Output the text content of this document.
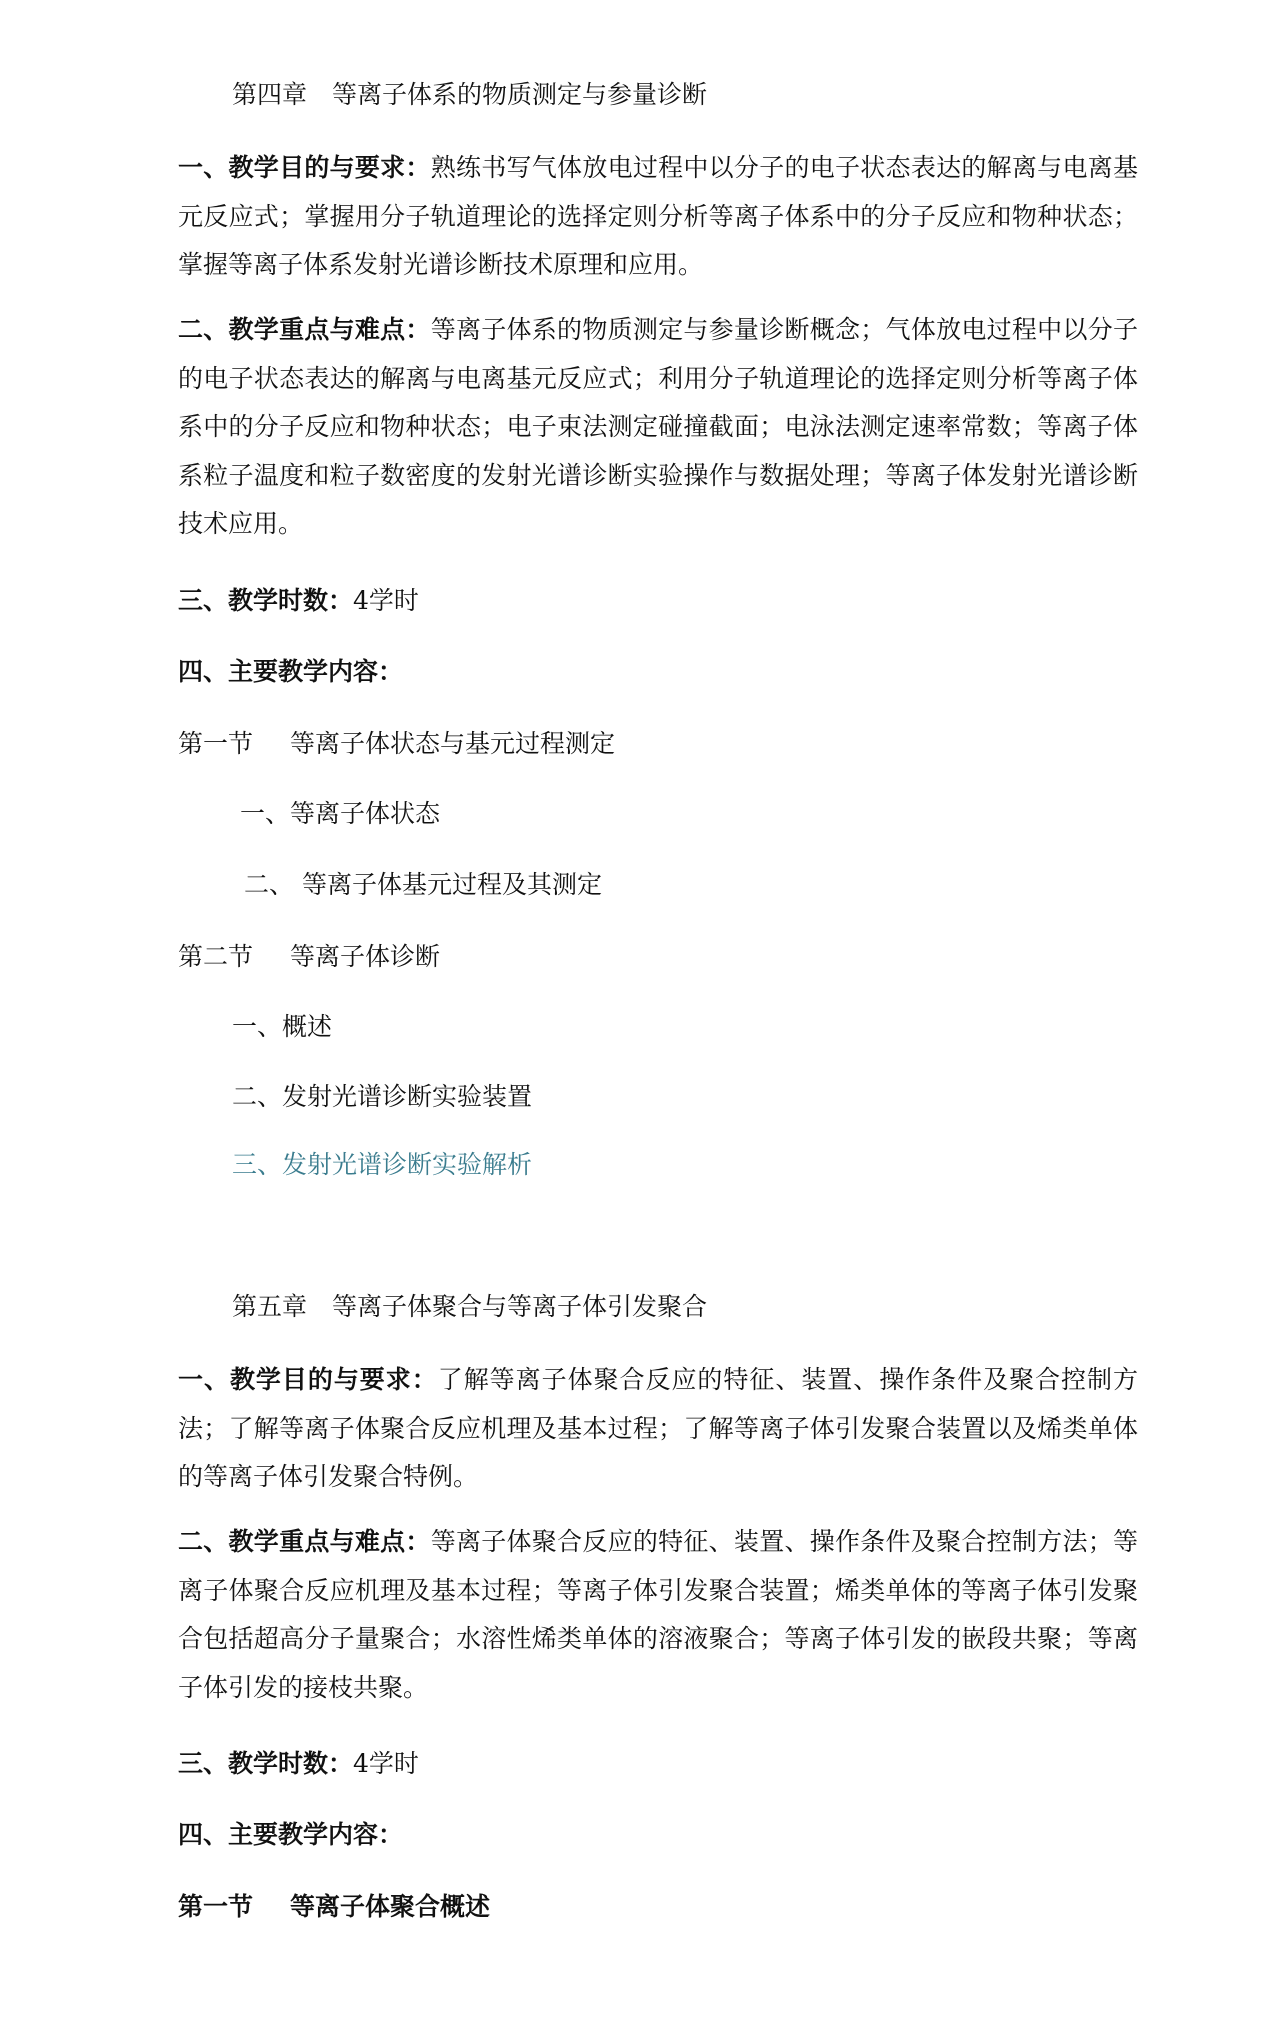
第四章　等离子体系的物质测定与参量诊断

一、教学目的与要求：熟练书写气体放电过程中以分子的电子状态表达的解离与电离基元反应式；掌握用分子轨道理论的选择定则分析等离子体系中的分子反应和物种状态；掌握等离子体系发射光谱诊断技术原理和应用。

二、教学重点与难点：等离子体系的物质测定与参量诊断概念；气体放电过程中以分子的电子状态表达的解离与电离基元反应式；利用分子轨道理论的选择定则分析等离子体系中的分子反应和物种状态；电子束法测定碰撞截面；电泳法测定速率常数；等离子体系粒子温度和粒子数密度的发射光谱诊断实验操作与数据处理；等离子体发射光谱诊断技术应用。

三、教学时数：4学时
四、主要教学内容：
第一节 等离子体状态与基元过程测定
一、等离子体状态
二、 等离子体基元过程及其测定
第二节 等离子体诊断
一、概述
二、发射光谱诊断实验装置
三、发射光谱诊断实验解析
第五章　等离子体聚合与等离子体引发聚合

一、教学目的与要求：了解等离子体聚合反应的特征、装置、操作条件及聚合控制方法；了解等离子体聚合反应机理及基本过程；了解等离子体引发聚合装置以及烯类单体的等离子体引发聚合特例。

二、教学重点与难点：等离子体聚合反应的特征、装置、操作条件及聚合控制方法；等离子体聚合反应机理及基本过程；等离子体引发聚合装置；烯类单体的等离子体引发聚合包括超高分子量聚合；水溶性烯类单体的溶液聚合；等离子体引发的嵌段共聚；等离子体引发的接枝共聚。

三、教学时数：4学时
四、主要教学内容：
第一节 等离子体聚合概述
